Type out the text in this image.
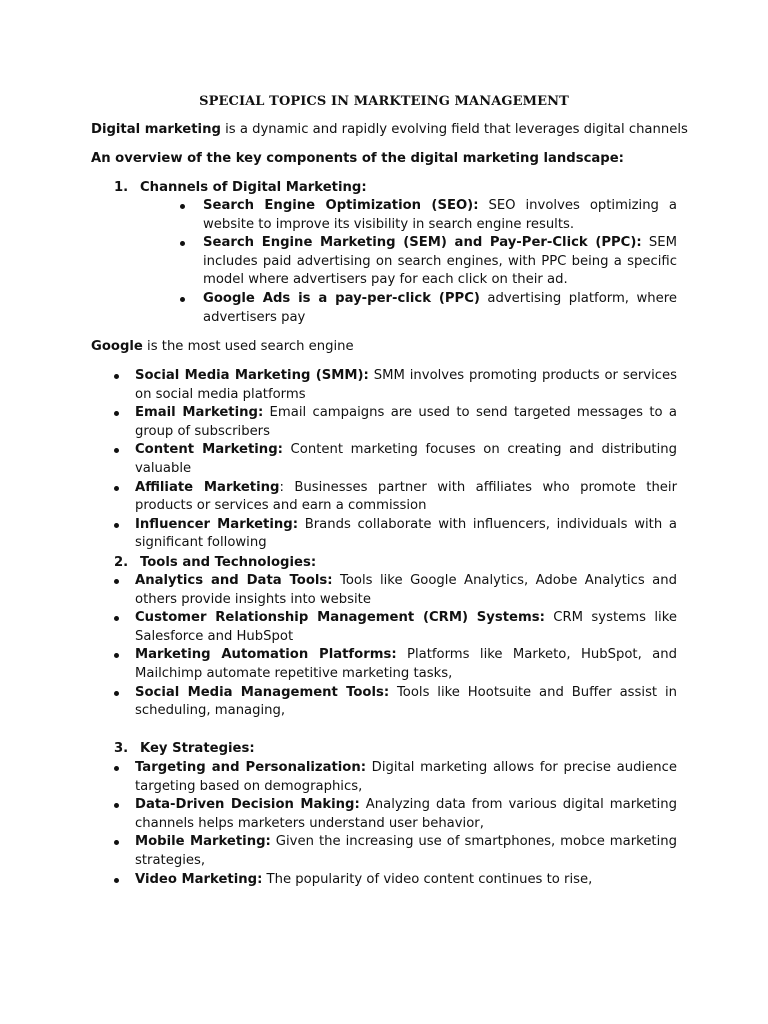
SPECIAL TOPICS IN MARKTEING MANAGEMENT
Digital marketing is a dynamic and rapidly evolving field that leverages digital channels
An overview of the key components of the digital marketing landscape:
1. Channels of Digital Marketing:
Search Engine Optimization (SEO): SEO involves optimizing a website to improve its visibility in search engine results.
Search Engine Marketing (SEM) and Pay-Per-Click (PPC): SEM includes paid advertising on search engines, with PPC being a specific model where advertisers pay for each click on their ad.
Google Ads is a pay-per-click (PPC) advertising platform, where advertisers pay
Google is the most used search engine
Social Media Marketing (SMM): SMM involves promoting products or services on social media platforms
Email Marketing: Email campaigns are used to send targeted messages to a group of subscribers
Content Marketing: Content marketing focuses on creating and distributing valuable
Affiliate Marketing: Businesses partner with affiliates who promote their products or services and earn a commission
Influencer Marketing: Brands collaborate with influencers, individuals with a significant following
2. Tools and Technologies:
Analytics and Data Tools: Tools like Google Analytics, Adobe Analytics and others provide insights into website
Customer Relationship Management (CRM) Systems: CRM systems like Salesforce and HubSpot
Marketing Automation Platforms: Platforms like Marketo, HubSpot, and Mailchimp automate repetitive marketing tasks,
Social Media Management Tools: Tools like Hootsuite and Buffer assist in scheduling, managing,
3. Key Strategies:
Targeting and Personalization: Digital marketing allows for precise audience targeting based on demographics,
Data-Driven Decision Making: Analyzing data from various digital marketing channels helps marketers understand user behavior,
Mobile Marketing: Given the increasing use of smartphones, mobce marketing strategies,
Video Marketing: The popularity of video content continues to rise,
